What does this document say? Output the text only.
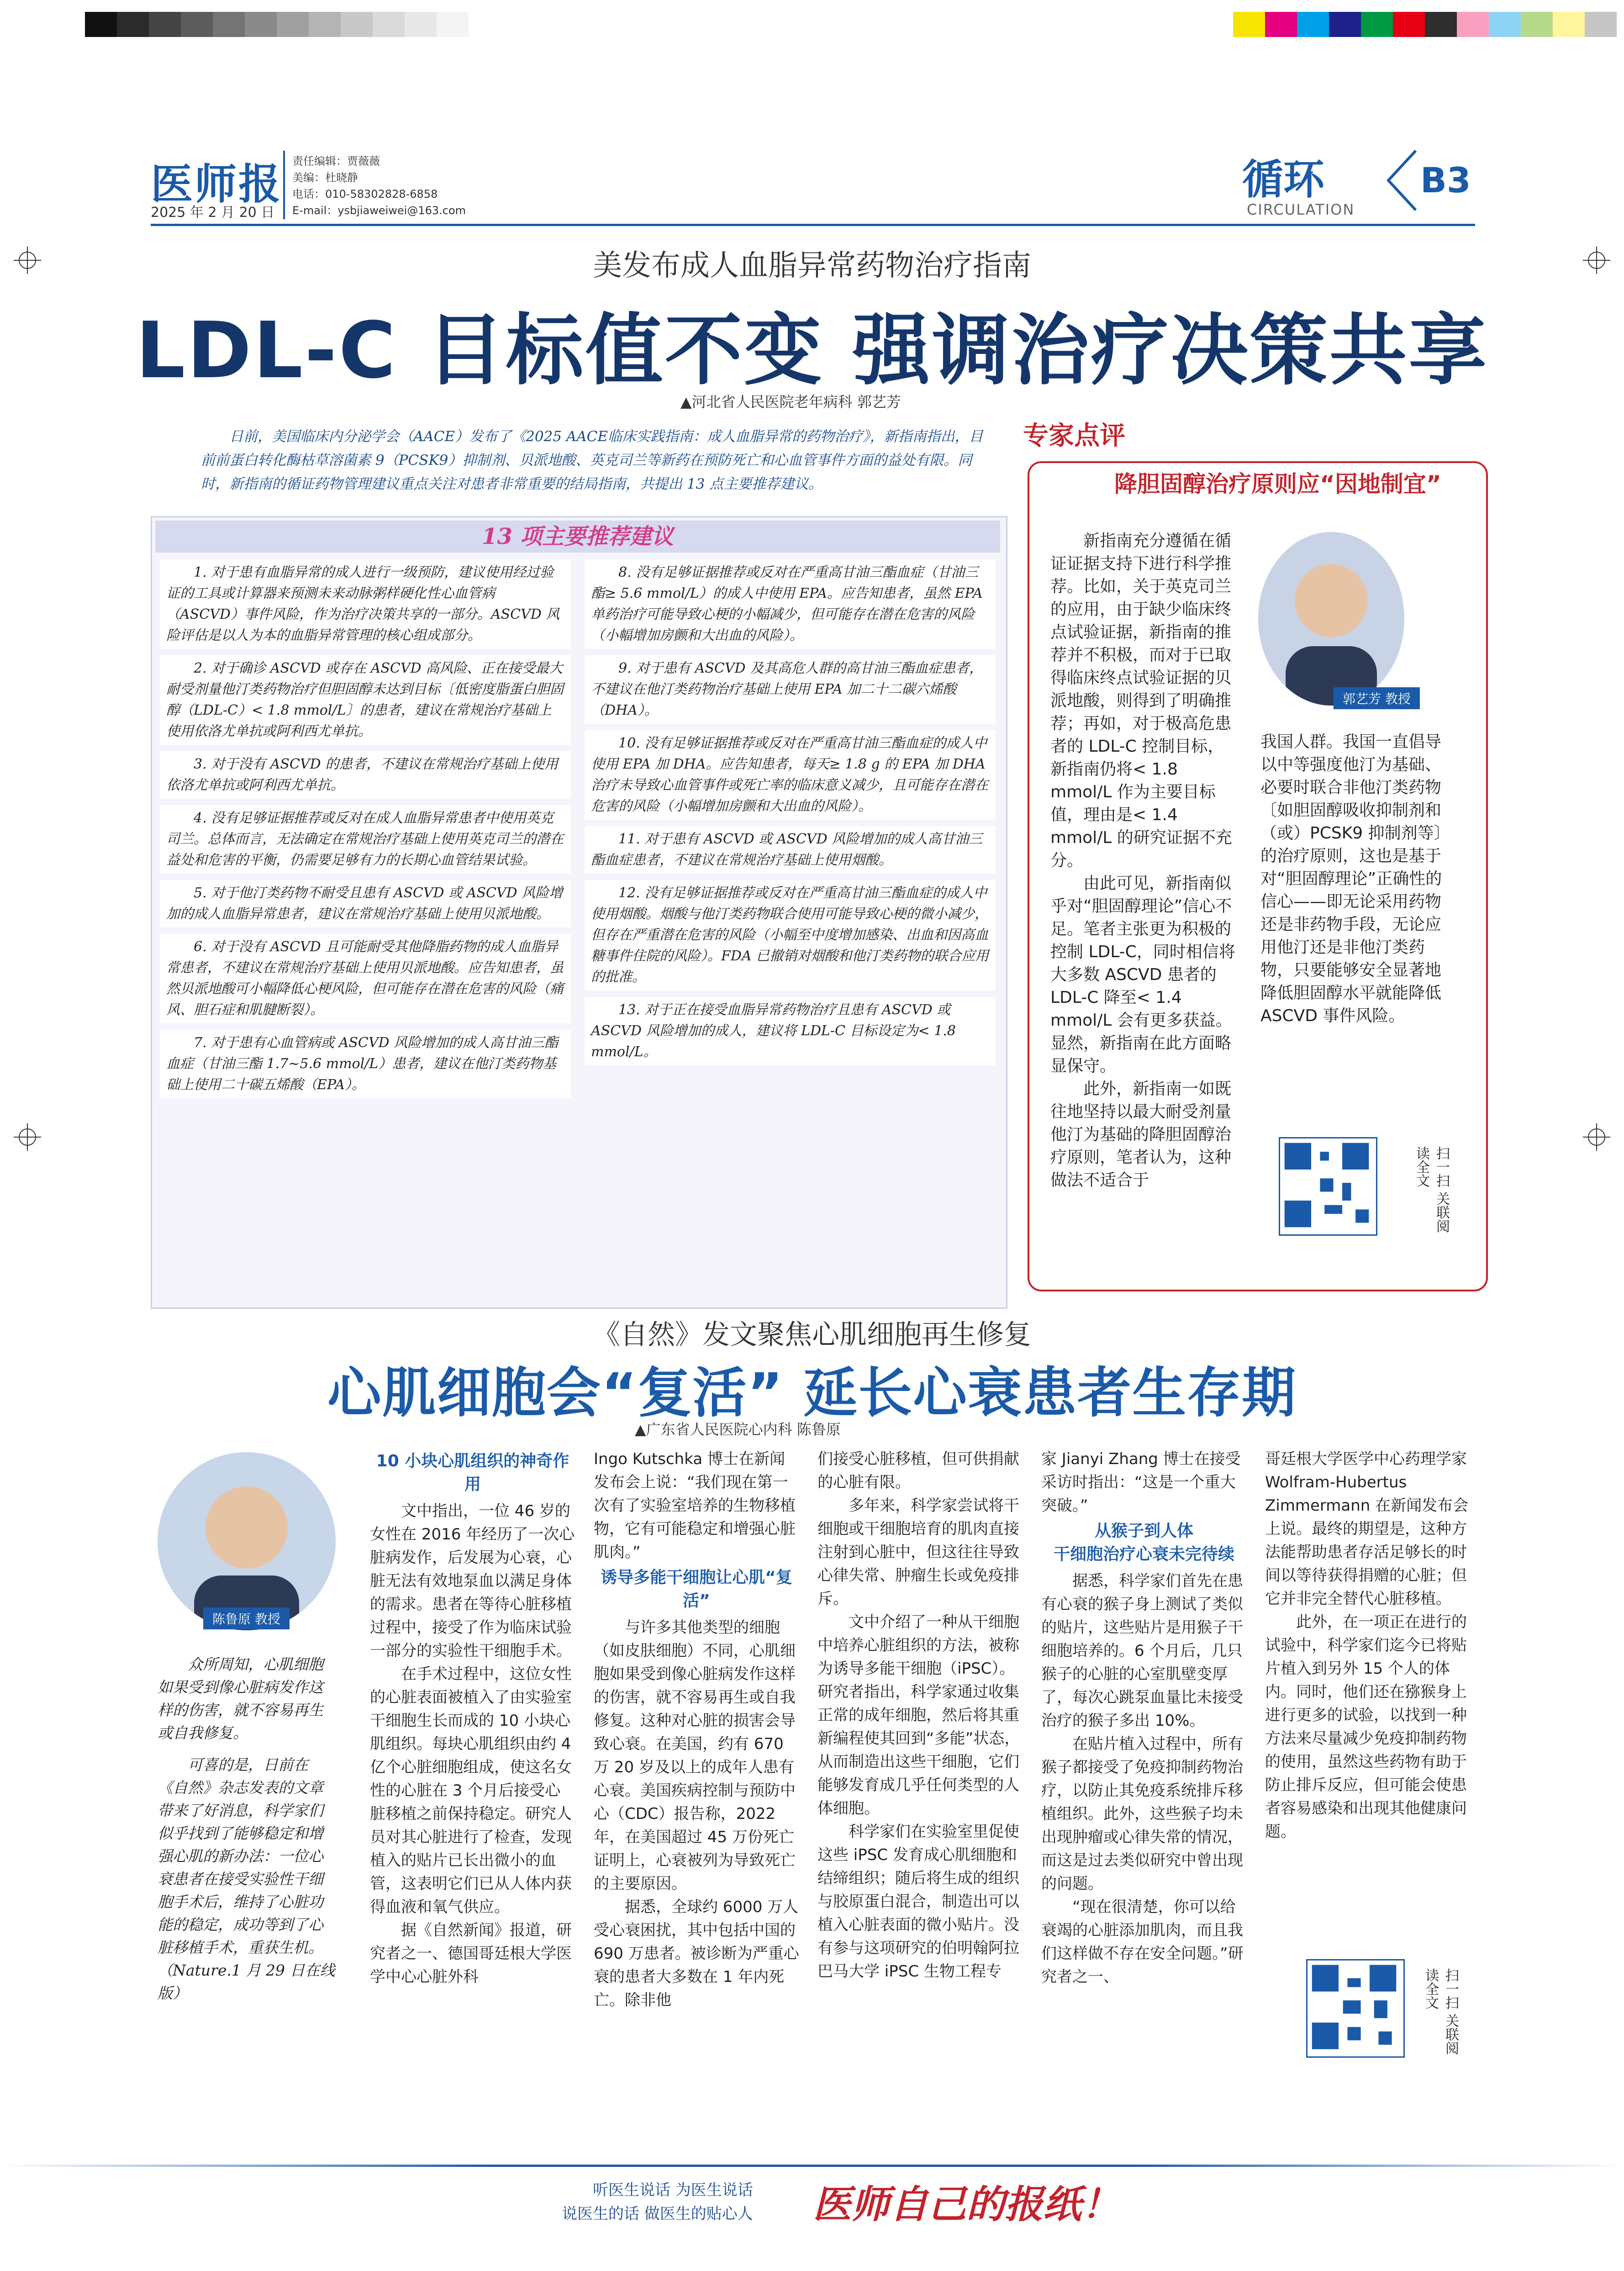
医师报
2025 年 2 月 20 日
责任编辑：贾薇薇
美编：杜晓静
电话：010-58302828-6858
E-mail：ysbjiaweiwei@163.com
循环
CIRCULATION
B3
美发布成人血脂异常药物治疗指南
LDL-C 目标值不变 强调治疗决策共享
▲河北省人民医院老年病科 郭艺芳
日前，美国临床内分泌学会（AACE）发布了《2025 AACE临床实践指南：成人血脂异常的药物治疗》，新指南指出，目前前蛋白转化酶枯草溶菌素 9（PCSK9）抑制剂、贝派地酸、英克司兰等新药在预防死亡和心血管事件方面的益处有限。同时，新指南的循证药物管理建议重点关注对患者非常重要的结局指南，共提出 13 点主要推荐建议。
13 项主要推荐建议
1. 对于患有血脂异常的成人进行一级预防，建议使用经过验证的工具或计算器来预测未来动脉粥样硬化性心血管病（ASCVD）事件风险，作为治疗决策共享的一部分。ASCVD 风险评估是以人为本的血脂异常管理的核心组成部分。
2. 对于确诊 ASCVD 或存在 ASCVD 高风险、正在接受最大耐受剂量他汀类药物治疗但胆固醇未达到目标〔低密度脂蛋白胆固醇（LDL-C）< 1.8 mmol/L〕的患者，建议在常规治疗基础上使用依洛尤单抗或阿利西尤单抗。
3. 对于没有 ASCVD 的患者，不建议在常规治疗基础上使用依洛尤单抗或阿利西尤单抗。
4. 没有足够证据推荐或反对在成人血脂异常患者中使用英克司兰。总体而言，无法确定在常规治疗基础上使用英克司兰的潜在益处和危害的平衡，仍需要足够有力的长期心血管结果试验。
5. 对于他汀类药物不耐受且患有 ASCVD 或 ASCVD 风险增加的成人血脂异常患者，建议在常规治疗基础上使用贝派地酸。
6. 对于没有 ASCVD 且可能耐受其他降脂药物的成人血脂异常患者，不建议在常规治疗基础上使用贝派地酸。应告知患者，虽然贝派地酸可小幅降低心梗风险，但可能存在潜在危害的风险（痛风、胆石症和肌腱断裂）。
7. 对于患有心血管病或 ASCVD 风险增加的成人高甘油三酯血症（甘油三酯 1.7~5.6 mmol/L）患者，建议在他汀类药物基础上使用二十碳五烯酸（EPA）。
8. 没有足够证据推荐或反对在严重高甘油三酯血症（甘油三酯≥ 5.6 mmol/L）的成人中使用 EPA。应告知患者，虽然 EPA 单药治疗可能导致心梗的小幅减少，但可能存在潜在危害的风险（小幅增加房颤和大出血的风险）。
9. 对于患有 ASCVD 及其高危人群的高甘油三酯血症患者，不建议在他汀类药物治疗基础上使用 EPA 加二十二碳六烯酸（DHA）。
10. 没有足够证据推荐或反对在严重高甘油三酯血症的成人中使用 EPA 加 DHA。应告知患者，每天≥ 1.8 g 的 EPA 加 DHA 治疗未导致心血管事件或死亡率的临床意义减少，且可能存在潜在危害的风险（小幅增加房颤和大出血的风险）。
11. 对于患有 ASCVD 或 ASCVD 风险增加的成人高甘油三酯血症患者，不建议在常规治疗基础上使用烟酸。
12. 没有足够证据推荐或反对在严重高甘油三酯血症的成人中使用烟酸。烟酸与他汀类药物联合使用可能导致心梗的微小减少，但存在严重潜在危害的风险（小幅至中度增加感染、出血和因高血糖事件住院的风险）。FDA 已撤销对烟酸和他汀类药物的联合应用的批准。
13. 对于正在接受血脂异常药物治疗且患有 ASCVD 或 ASCVD 风险增加的成人，建议将 LDL-C 目标设定为< 1.8 mmol/L。
专家点评
降胆固醇治疗原则应“因地制宜”
郭艺芳 教授

新指南充分遵循在循证证据支持下进行科学推荐。比如，关于英克司兰的应用，由于缺少临床终点试验证据，新指南的推荐并不积极，而对于已取得临床终点试验证据的贝派地酸，则得到了明确推荐；再如，对于极高危患者的 LDL-C 控制目标，新指南仍将< 1.8 mmol/L 作为主要目标值，理由是< 1.4 mmol/L 的研究证据不充分。

由此可见，新指南似乎对“胆固醇理论”信心不足。笔者主张更为积极的控制 LDL-C，同时相信将大多数 ASCVD 患者的 LDL-C 降至< 1.4 mmol/L 会有更多获益。显然，新指南在此方面略显保守。

此外，新指南一如既往地坚持以最大耐受剂量他汀为基础的降胆固醇治疗原则，笔者认为，这种做法不适合于

我国人群。我国一直倡导以中等强度他汀为基础、必要时联合非他汀类药物〔如胆固醇吸收抑制剂和（或）PCSK9 抑制剂等〕的治疗原则，这也是基于对“胆固醇理论”正确性的信心——即无论采用药物还是非药物手段，无论应用他汀还是非他汀类药物，只要能够安全显著地降低胆固醇水平就能降低 ASCVD 事件风险。

扫一扫 关联阅读全文
《自然》发文聚焦心肌细胞再生修复
心肌细胞会“复活” 延长心衰患者生存期
▲广东省人民医院心内科 陈鲁原
陈鲁原 教授

众所周知，心肌细胞如果受到像心脏病发作这样的伤害，就不容易再生或自我修复。

可喜的是，日前在《自然》杂志发表的文章带来了好消息，科学家们似乎找到了能够稳定和增强心肌的新办法：一位心衰患者在接受实验性干细胞手术后，维持了心脏功能的稳定，成功等到了心脏移植手术，重获生机。（Nature.1 月 29 日在线版）

10 小块心肌组织的神奇作用

文中指出，一位 46 岁的女性在 2016 年经历了一次心脏病发作，后发展为心衰，心脏无法有效地泵血以满足身体的需求。患者在等待心脏移植过程中，接受了作为临床试验一部分的实验性干细胞手术。

在手术过程中，这位女性的心脏表面被植入了由实验室干细胞生长而成的 10 小块心肌组织。每块心肌组织由约 4 亿个心脏细胞组成，使这名女性的心脏在 3 个月后接受心脏移植之前保持稳定。研究人员对其心脏进行了检查，发现植入的贴片已长出微小的血管，这表明它们已从人体内获得血液和氧气供应。

据《自然新闻》报道，研究者之一、德国哥廷根大学医学中心心脏外科

Ingo Kutschka 博士在新闻发布会上说：“我们现在第一次有了实验室培养的生物移植物，它有可能稳定和增强心脏肌肉。”

诱导多能干细胞让心肌“复活”

与许多其他类型的细胞（如皮肤细胞）不同，心肌细胞如果受到像心脏病发作这样的伤害，就不容易再生或自我修复。这种对心脏的损害会导致心衰。在美国，约有 670 万 20 岁及以上的成年人患有心衰。美国疾病控制与预防中心（CDC）报告称，2022 年，在美国超过 45 万份死亡证明上，心衰被列为导致死亡的主要原因。

据悉，全球约 6000 万人受心衰困扰，其中包括中国的 690 万患者。被诊断为严重心衰的患者大多数在 1 年内死亡。除非他

们接受心脏移植，但可供捐献的心脏有限。

多年来，科学家尝试将干细胞或干细胞培育的肌肉直接注射到心脏中，但这往往导致心律失常、肿瘤生长或免疫排斥。

文中介绍了一种从干细胞中培养心脏组织的方法，被称为诱导多能干细胞（iPSC）。研究者指出，科学家通过收集正常的成年细胞，然后将其重新编程使其回到“多能”状态，从而制造出这些干细胞，它们能够发育成几乎任何类型的人体细胞。

科学家们在实验室里促使这些 iPSC 发育成心肌细胞和结缔组织；随后将生成的组织与胶原蛋白混合，制造出可以植入心脏表面的微小贴片。没有参与这项研究的伯明翰阿拉巴马大学 iPSC 生物工程专

家 Jianyi Zhang 博士在接受采访时指出：“这是一个重大突破。”

从猴子到人体
干细胞治疗心衰未完待续

据悉，科学家们首先在患有心衰的猴子身上测试了类似的贴片，这些贴片是用猴子干细胞培养的。6 个月后，几只猴子的心脏的心室肌壁变厚了，每次心跳泵血量比未接受治疗的猴子多出 10%。

在贴片植入过程中，所有猴子都接受了免疫抑制药物治疗，以防止其免疫系统排斥移植组织。此外，这些猴子均未出现肿瘤或心律失常的情况，而这是过去类似研究中曾出现的问题。

“现在很清楚，你可以给衰竭的心脏添加肌肉，而且我们这样做不存在安全问题。”研究者之一、

哥廷根大学医学中心药理学家 Wolfram-Hubertus Zimmermann 在新闻发布会上说。最终的期望是，这种方法能帮助患者存活足够长的时间以等待获得捐赠的心脏；但它并非完全替代心脏移植。

此外，在一项正在进行的试验中，科学家们迄今已将贴片植入到另外 15 个人的体内。同时，他们还在猕猴身上进行更多的试验，以找到一种方法来尽量减少免疫抑制药物的使用，虽然这些药物有助于防止排斥反应，但可能会使患者容易感染和出现其他健康问题。

扫一扫 关联阅读全文
听医生说话 为医生说话
说医生的话 做医生的贴心人 医师自己的报纸！
